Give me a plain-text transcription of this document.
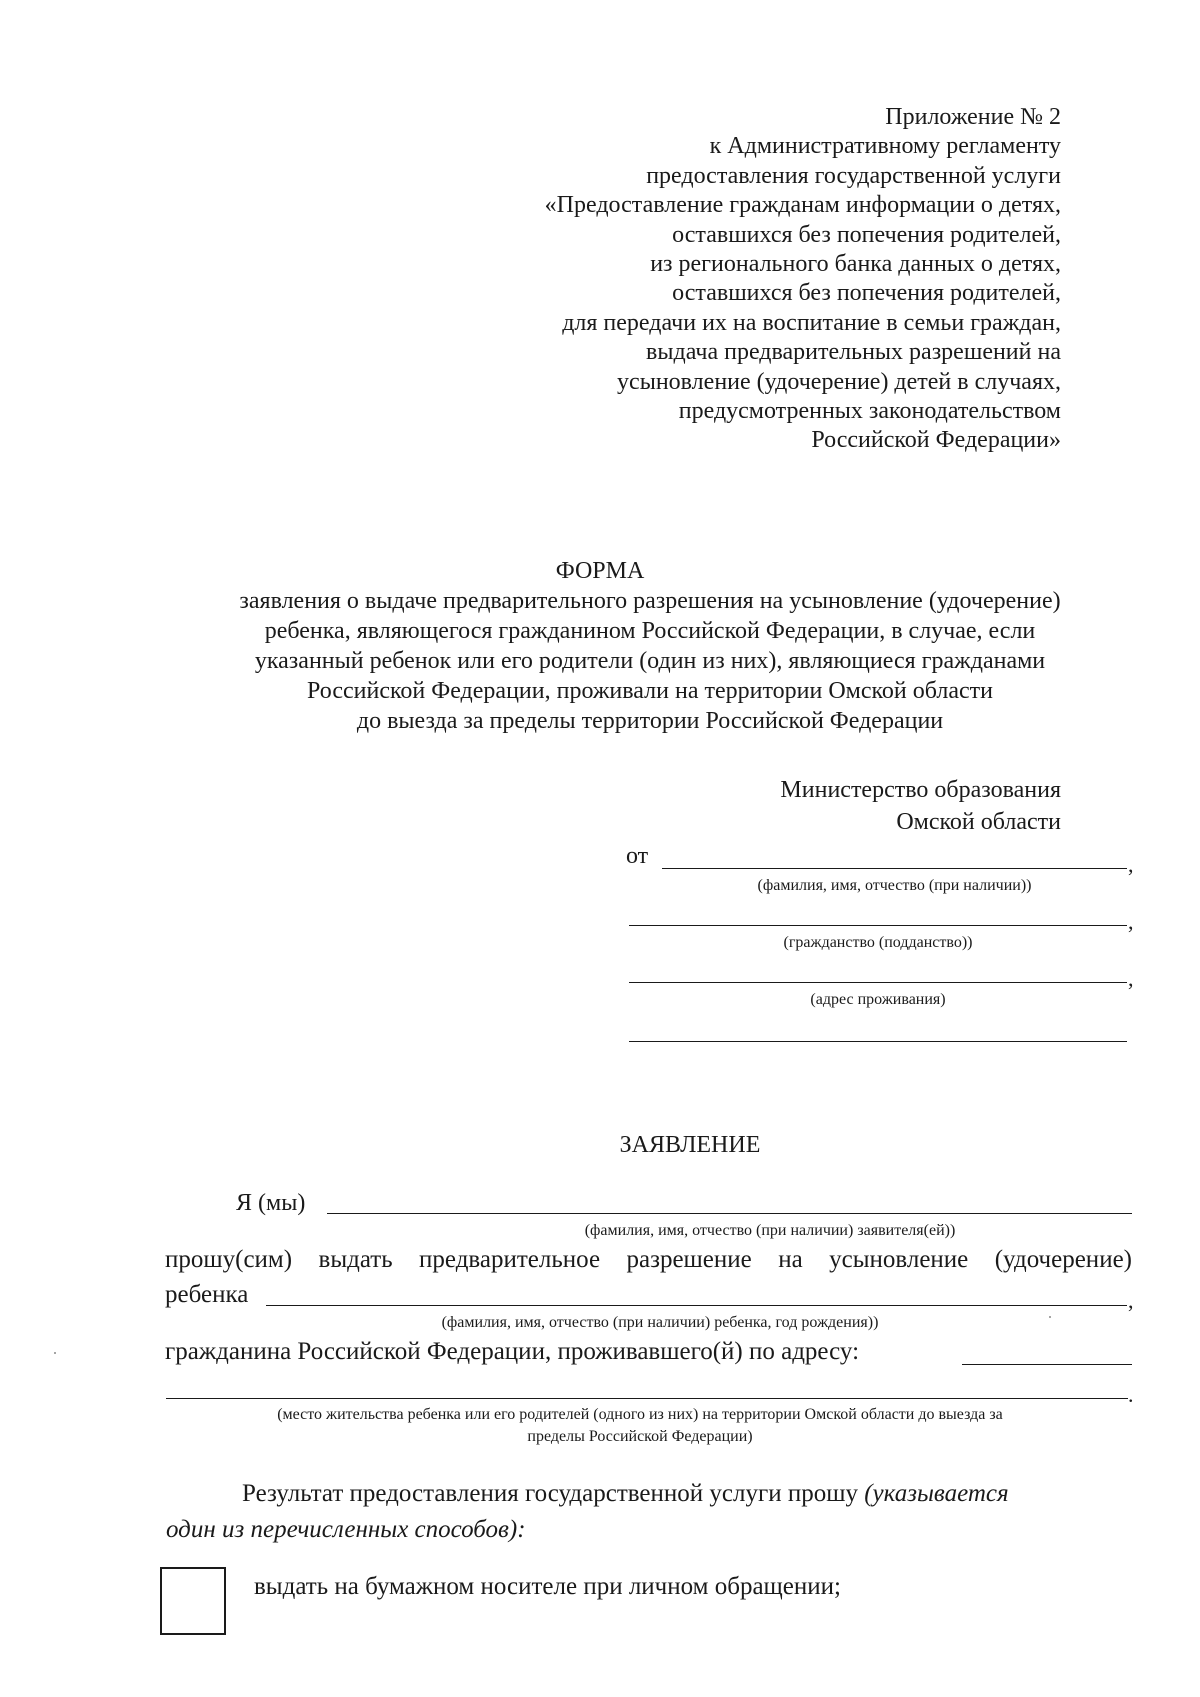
Приложение № 2
к Административному регламенту
предоставления государственной услуги
«Предоставление гражданам информации о детях,
оставшихся без попечения родителей,
из регионального банка данных о детях,
оставшихся без попечения родителей,
для передачи их на воспитание в семьи граждан,
выдача предварительных разрешений на
усыновление (удочерение) детей в случаях,
предусмотренных законодательством
Российской Федерации»
ФОРМА
заявления о выдаче предварительного разрешения на усыновление (удочерение)
ребенка, являющегося гражданином Российской Федерации, в случае, если
указанный ребенок или его родители (один из них), являющиеся гражданами
Российской Федерации, проживали на территории Омской области
до выезда за пределы территории Российской Федерации
Министерство образования
Омской области
от	,
(фамилия, имя, отчество (при наличии))
,
(гражданство (подданство))
,
(адрес проживания)
ЗАЯВЛЕНИЕ
Я (мы)
(фамилия, имя, отчество (при наличии) заявителя(ей))
прошу(сим) выдать предварительное разрешение на усыновление (удочерение)
ребенка	,
(фамилия, имя, отчество (при наличии) ребенка, год рождения))
гражданина Российской Федерации, проживавшего(й) по адресу:
.
(место жительства ребенка или его родителей (одного из них) на территории Омской области до выезда за
пределы Российской Федерации)
Результат предоставления государственной услуги прошу (указывается
один из перечисленных способов):
выдать на бумажном носителе при личном обращении;
